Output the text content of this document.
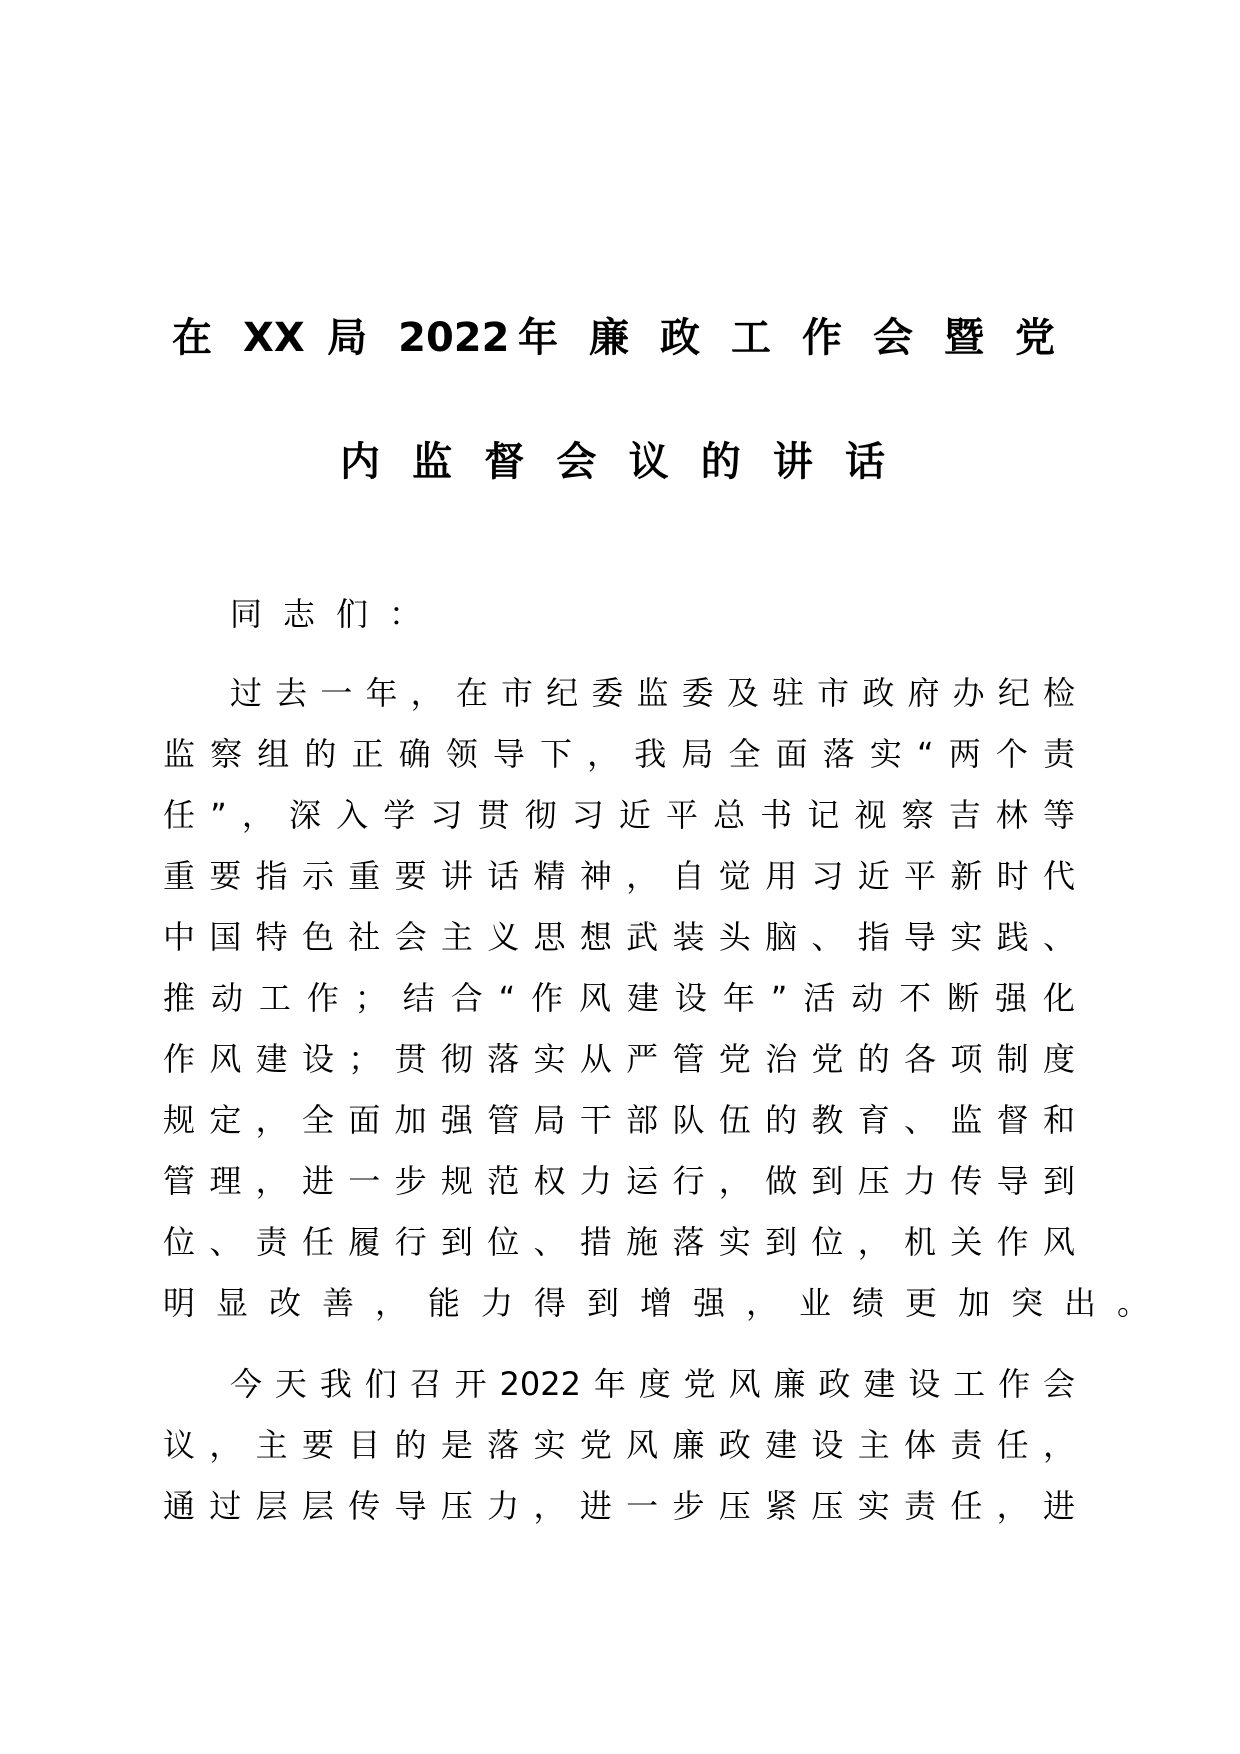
在 XX 局 2022年 廉 政 工 作 会 暨 党
内监督会议的讲话
同志们：
过去一年，在市纪委监委及驻市政府办纪检
监察组的正确领导下，我局全面落实“两个责
任”，深入学习贯彻习近平总书记视察吉林等
重要指示重要讲话精神，自觉用习近平新时代
中国特色社会主义思想武装头脑、指导实践、
推动工作；结合“作风建设年”活动不断强化
作风建设；贯彻落实从严管党治党的各项制度
规定，全面加强管局干部队伍的教育、监督和
管理，进一步规范权力运行，做到压力传导到
位、责任履行到位、措施落实到位，机关作风
明显改善，能力得到增强，业绩更加突出。
今天我们召开2022年度党风廉政建设工作会
议，主要目的是落实党风廉政建设主体责任，
通过层层传导压力，进一步压紧压实责任，进
